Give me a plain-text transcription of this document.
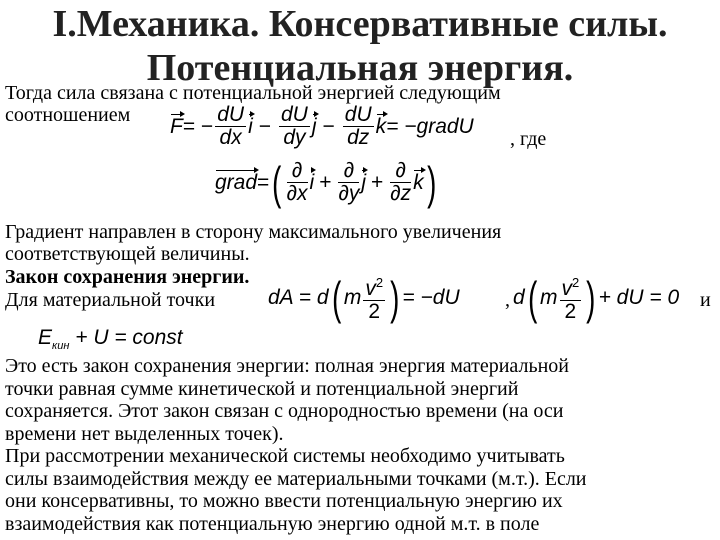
I.Механика. Консервативные силы.
Потенциальная энергия.
Тогда сила связана с потенциальной энергией следующим
соотношением F = − $\frac{dU}{dx}$ $i - \frac{dU}{dy}$ $j - \frac{dU}{dz}$ k = −gradU
, где
grad = ( $\frac{\partial}{\partial x}$ $i + \frac{\partial}{\partial y}$ $j + \frac{\partial}{\partial z}$ k )
Градиент направлен в сторону максимального увеличения
соответствующей величины.
Закон сохранения энергии.
Для материальной точки	dA = d ( m $\frac{v^2}{2}$ ) = −dU , d ( m $\frac{v^2}{2}$ ) + dU = 0 и
$E_{кин} + U$ = const
Это есть закон сохранения энергии: полная энергия материальной
точки равная сумме кинетической и потенциальной энергий
сохраняется. Этот закон связан с однородностью времени (на оси
времени нет выделенных точек).
При рассмотрении механической системы необходимо учитывать
силы взаимодействия между ее материальными точками (м.т.). Если
они консервативны, то можно ввести потенциальную энергию их
взаимодействия как потенциальную энергию одной м.т. в поле
